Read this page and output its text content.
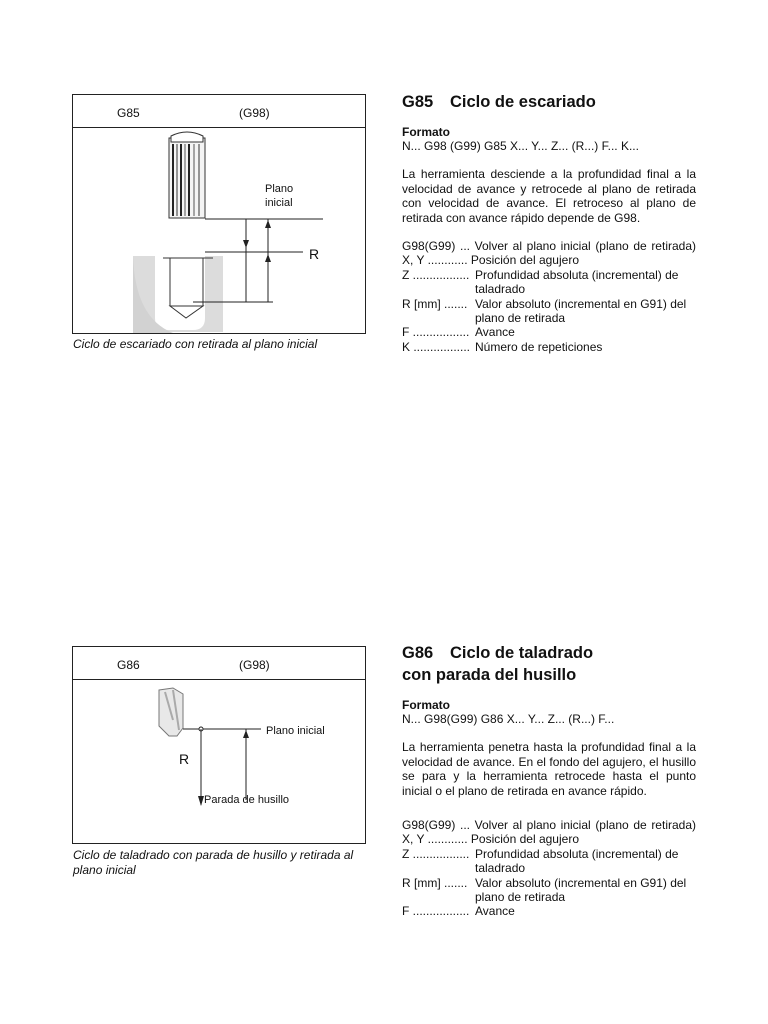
G85	(G98)
Plano
inicial
R
Ciclo de escariado con retirada al plano inicial
G85 Ciclo de escariado
Formato
N... G98 (G99) G85 X... Y... Z... (R...) F... K...
La herramienta desciende a la profundidad final a la velocidad de avance y retrocede al plano de retirada con velocidad de avance. El retroceso al plano de retirada con avance rápido depende de G98.
G98(G99) ... Volver al plano inicial (plano de retirada) X, Y ............ Posición del agujero
Z ................. Profundidad absoluta (incremental) de taladrado
R [mm] ....... Valor absoluto (incremental en G91) del plano de retirada
F ................. Avance
K ................. Número de repeticiones
G86	(G98)
Plano inicial
R
Parada de husillo
Ciclo de taladrado con parada de husillo y retirada al plano inicial
G86 Ciclo de taladrado
con parada del husillo
Formato
N... G98(G99) G86 X... Y... Z... (R...) F...
La herramienta penetra hasta la profundidad final a la velocidad de avance. En el fondo del agujero, el husillo se para y la herramienta retrocede hasta el punto inicial o el plano de retirada en avance rápido.
G98(G99) ... Volver al plano inicial (plano de retirada) X, Y ............ Posición del agujero
Z ................. Profundidad absoluta (incremental) de taladrado
R [mm] ....... Valor absoluto (incremental en G91) del plano de retirada
F ................. Avance
